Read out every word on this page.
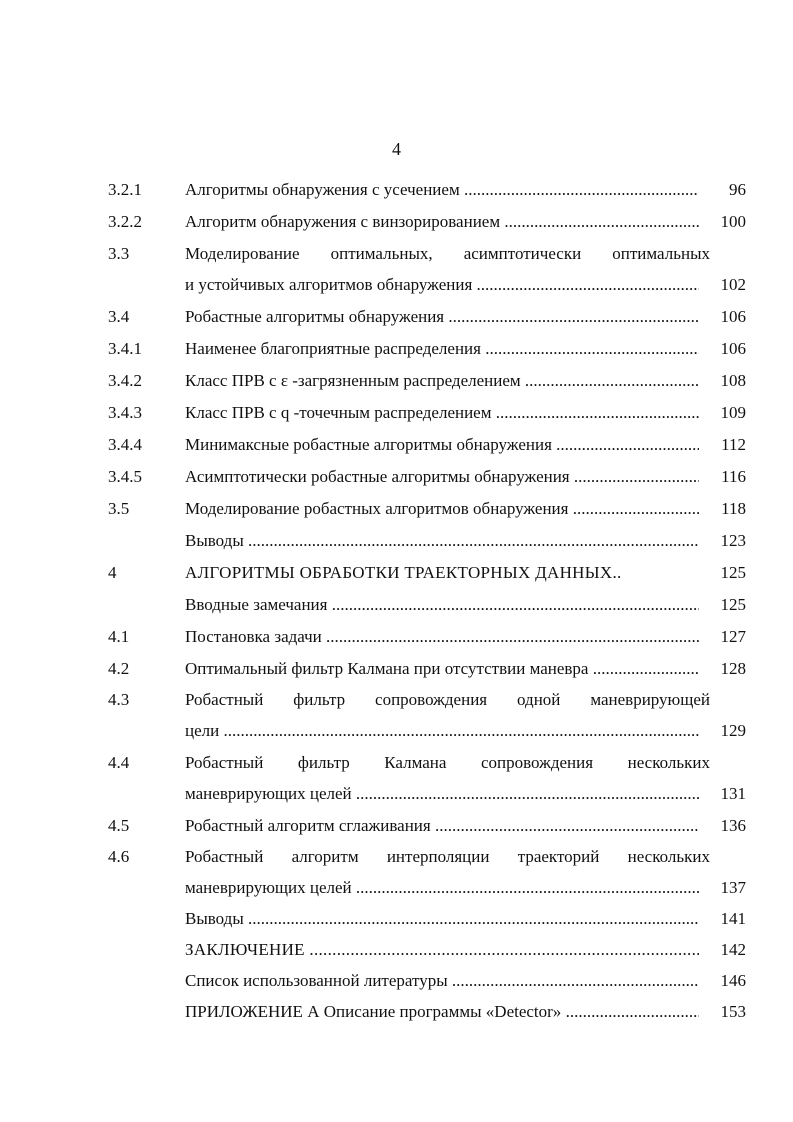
4
3.2.1	Алгоритмы обнаружения с усечением .....	96
3.2.2	Алгоритм обнаружения с винзорированием .....	100
3.3	Моделирование оптимальных, асимптотически оптимальных
и устойчивых алгоритмов обнаружения .....	102
3.4	Робастные алгоритмы обнаружения .....	106
3.4.1	Наименее благоприятные распределения .....	106
3.4.2	Класс ПРВ с ε -загрязненным распределением .....	108
3.4.3	Класс ПРВ с q -точечным распределением .....	109
3.4.4	Минимаксные робастные алгоритмы обнаружения .....	112
3.4.5	Асимптотически робастные алгоритмы обнаружения .....	116
3.5	Моделирование робастных алгоритмов обнаружения .....	118
Выводы .....	123
4	АЛГОРИТМЫ ОБРАБОТКИ ТРАЕКТОРНЫХ ДАННЫХ..	125
Вводные замечания .....	125
4.1	Постановка задачи .....	127
4.2	Оптимальный фильтр Калмана при отсутствии маневра .....	128
4.3	Робастный фильтр сопровождения одной маневрирующей
цели .....	129
4.4	Робастный фильтр Калмана сопровождения нескольких
маневрирующих целей .....	131
4.5	Робастный алгоритм сглаживания .....	136
4.6	Робастный алгоритм интерполяции траекторий нескольких
маневрирующих целей .....	137
Выводы .....	141
ЗАКЛЮЧЕНИЕ .....	142
Список использованной литературы .....	146
ПРИЛОЖЕНИЕ А Описание программы «Detector» .....	153
